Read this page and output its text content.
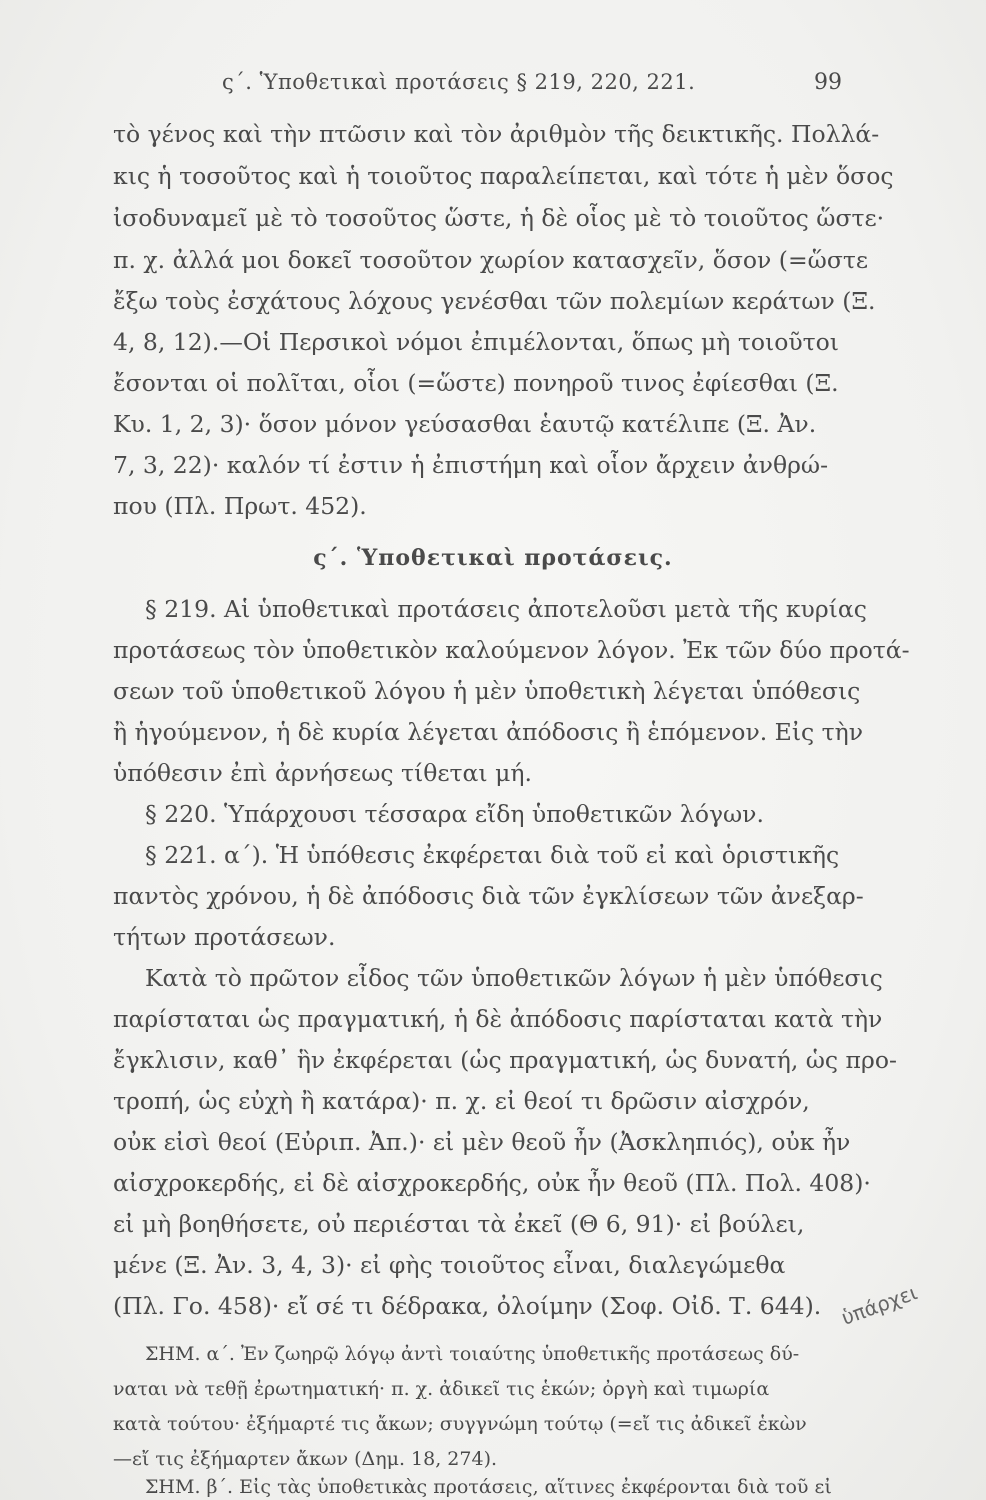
ς΄. Ὑποθετικαὶ προτάσεις § 219, 220, 221.	99
τὸ γένος καὶ τὴν πτῶσιν καὶ τὸν ἀριθμὸν τῆς δεικτικῆς. Πολλά-
κις ἡ τοσοῦτος καὶ ἡ τοιοῦτος παραλείπεται, καὶ τότε ἡ μὲν ὅσος
ἰσοδυναμεῖ μὲ τὸ τοσοῦτος ὥστε, ἡ δὲ οἷος μὲ τὸ τοιοῦτος ὥστε·
π. χ. ἀλλά μοι δοκεῖ τοσοῦτον χωρίον κατασχεῖν, ὅσον (=ὥστε
ἔξω τοὺς ἐσχάτους λόχους γενέσθαι τῶν πολεμίων κεράτων (Ξ.
4, 8, 12).—Οἱ Περσικοὶ νόμοι ἐπιμέλονται, ὅπως μὴ τοιοῦτοι
ἔσονται οἱ πολῖται, οἷοι (=ὥστε) πονηροῦ τινος ἐφίεσθαι (Ξ.
Κυ. 1, 2, 3)· ὅσον μόνον γεύσασθαι ἑαυτῷ κατέλιπε (Ξ. Ἀν.
7, 3, 22)· καλόν τί ἐστιν ἡ ἐπιστήμη καὶ οἷον ἄρχειν ἀνθρώ-
που (Πλ. Πρωτ. 452).
ς΄. Ὑποθετικαὶ προτάσεις.
§ 219. Αἱ ὑποθετικαὶ προτάσεις ἀποτελοῦσι μετὰ τῆς κυρίας
προτάσεως τὸν ὑποθετικὸν καλούμενον λόγον. Ἐκ τῶν δύο προτά-
σεων τοῦ ὑποθετικοῦ λόγου ἡ μὲν ὑποθετικὴ λέγεται ὑπόθεσις
ἢ ἡγούμενον, ἡ δὲ κυρία λέγεται ἀπόδοσις ἢ ἑπόμενον. Εἰς τὴν
ὑπόθεσιν ἐπὶ ἀρνήσεως τίθεται μή.
§ 220. Ὑπάρχουσι τέσσαρα εἴδη ὑποθετικῶν λόγων.
§ 221. α΄). Ἡ ὑπόθεσις ἐκφέρεται διὰ τοῦ εἰ καὶ ὁριστικῆς
παντὸς χρόνου, ἡ δὲ ἀπόδοσις διὰ τῶν ἐγκλίσεων τῶν ἀνεξαρ-
τήτων προτάσεων.
Κατὰ τὸ πρῶτον εἶδος τῶν ὑποθετικῶν λόγων ἡ μὲν ὑπόθεσις
παρίσταται ὡς πραγματική, ἡ δὲ ἀπόδοσις παρίσταται κατὰ τὴν
ἔγκλισιν, καθ᾿ ἣν ἐκφέρεται (ὡς πραγματική, ὡς δυνατή, ὡς προ-
τροπή, ὡς εὐχὴ ἢ κατάρα)· π. χ. εἰ θεοί τι δρῶσιν αἰσχρόν,
οὐκ εἰσὶ θεοί (Εὐριπ. Ἀπ.)· εἰ μὲν θεοῦ ἦν (Ἀσκληπιός), οὐκ ἦν
αἰσχροκερδής, εἰ δὲ αἰσχροκερδής, οὐκ ἦν θεοῦ (Πλ. Πολ. 408)·
εἰ μὴ βοηθήσετε, οὐ περιέσται τὰ ἐκεῖ (Θ 6, 91)· εἰ βούλει,
μένε (Ξ. Ἀν. 3, 4, 3)· εἰ φὴς τοιοῦτος εἶναι, διαλεγώμεθα
(Πλ. Γο. 458)· εἴ σέ τι δέδρακα, ὀλοίμην (Σοφ. Οἰδ. Τ. 644).
ΣΗΜ. α΄. Ἐν ζωηρῷ λόγῳ ἀντὶ τοιαύτης ὑποθετικῆς προτάσεως δύ-
ναται νὰ τεθῇ ἐρωτηματική· π. χ. ἀδικεῖ τις ἑκών; ὀργὴ καὶ τιμωρία
κατὰ τούτου· ἐξήμαρτέ τις ἄκων; συγγνώμη τούτῳ (=εἴ τις ἀδικεῖ ἑκὼν
—εἴ τις ἐξήμαρτεν ἄκων (Δημ. 18, 274).
ΣΗΜ. β΄. Εἰς τὰς ὑποθετικὰς προτάσεις, αἵτινες ἐκφέρονται διὰ τοῦ εἰ
ὑπάρχει
